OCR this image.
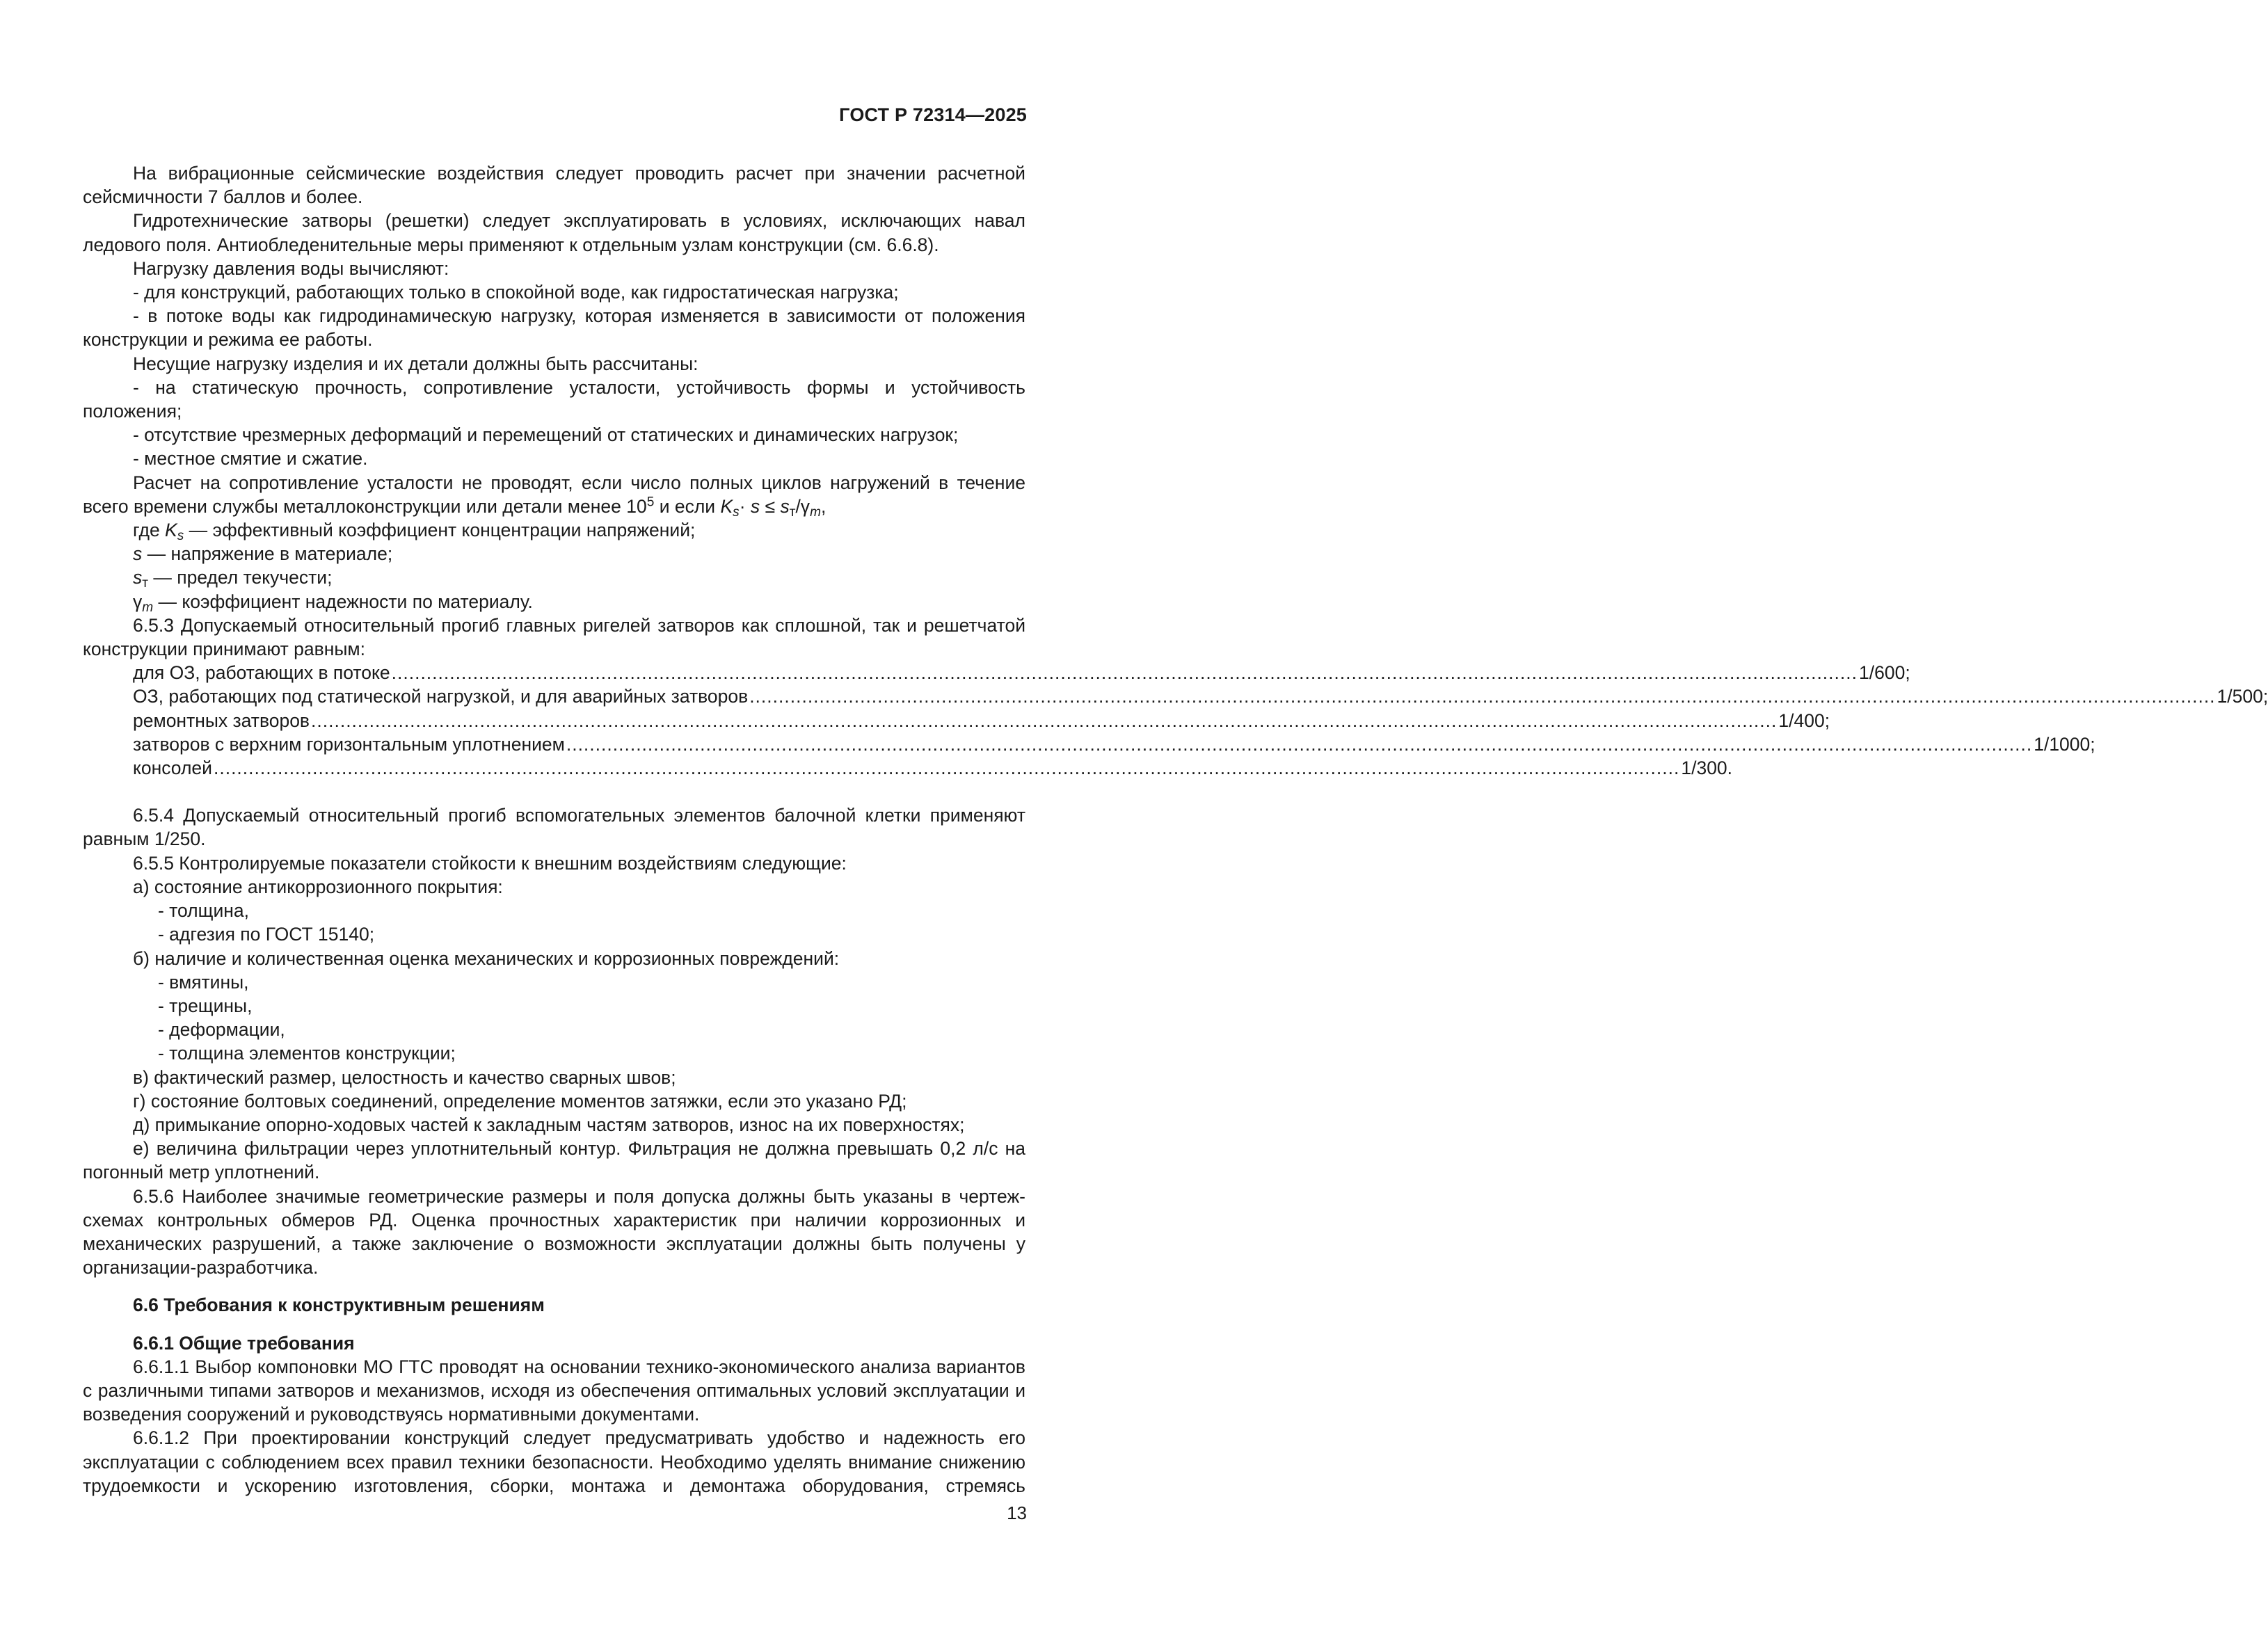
ГОСТ Р 72314—2025

На вибрационные сейсмические воздействия следует проводить расчет при значении расчетной сейсмичности 7 баллов и более.

Гидротехнические затворы (решетки) следует эксплуатировать в условиях, исключающих навал ледового поля. Антиобледенительные меры применяют к отдельным узлам конструкции (см. 6.6.8).

Нагрузку давления воды вычисляют:

- для конструкций, работающих только в спокойной воде, как гидростатическая нагрузка;

- в потоке воды как гидродинамическую нагрузку, которая изменяется в зависимости от положения конструкции и режима ее работы.

Несущие нагрузку изделия и их детали должны быть рассчитаны:

- на статическую прочность, сопротивление усталости, устойчивость формы и устойчивость положения;

- отсутствие чрезмерных деформаций и перемещений от статических и динамических нагрузок;

- местное смятие и сжатие.

Расчет на сопротивление усталости не проводят, если число полных циклов нагружений в течение

всего времени службы металлоконструкции или детали менее $10^5$ и если $K_s\cdot s \le s_т/\gamma_m$,

где $K_s$ — эффективный коэффициент концентрации напряжений;

s — напряжение в материале;

$s_т$ — предел текучести;

$\gamma_m$ — коэффициент надежности по материалу.

6.5.3 Допускаемый относительный прогиб главных ригелей затворов как сплошной, так и решетчатой конструкции принимают равным:

для ОЗ, работающих в потоке ............................................................................................................................................................................................................................................................ 1/600;
ОЗ, работающих под статической нагрузкой, и для аварийных затворов ............................................................................................................................................................................................................................................................ 1/500;
ремонтных затворов ............................................................................................................................................................................................................................................................ 1/400;
затворов с верхним горизонтальным уплотнением ............................................................................................................................................................................................................................................................ 1/1000;
консолей ............................................................................................................................................................................................................................................................ 1/300.

6.5.4 Допускаемый относительный прогиб вспомогательных элементов балочной клетки применяют равным 1/250.

6.5.5 Контролируемые показатели стойкости к внешним воздействиям следующие:

а) состояние антикоррозионного покрытия:

- толщина,

- адгезия по ГОСТ 15140;

б) наличие и количественная оценка механических и коррозионных повреждений:

- вмятины,

- трещины,

- деформации,

- толщина элементов конструкции;

в) фактический размер, целостность и качество сварных швов;

г) состояние болтовых соединений, определение моментов затяжки, если это указано РД;

д) примыкание опорно-ходовых частей к закладным частям затворов, износ на их поверхностях;

е) величина фильтрации через уплотнительный контур. Фильтрация не должна превышать 0,2 л/с на погонный метр уплотнений.

6.5.6 Наиболее значимые геометрические размеры и поля допуска должны быть указаны в чертеж-схемах контрольных обмеров РД. Оценка прочностных характеристик при наличии коррозионных и механических разрушений, а также заключение о возможности эксплуатации должны быть получены у организации-разработчика.

6.6 Требования к конструктивным решениям

6.6.1 Общие требования

6.6.1.1 Выбор компоновки МО ГТС проводят на основании технико-экономического анализа вариантов с различными типами затворов и механизмов, исходя из обеспечения оптимальных условий эксплуатации и возведения сооружений и руководствуясь нормативными документами.

6.6.1.2 При проектировании конструкций следует предусматривать удобство и надежность его эксплуатации с соблюдением всех правил техники безопасности. Необходимо уделять внимание снижению трудоемкости и ускорению изготовления, сборки, монтажа и демонтажа оборудования, стремясь

13
